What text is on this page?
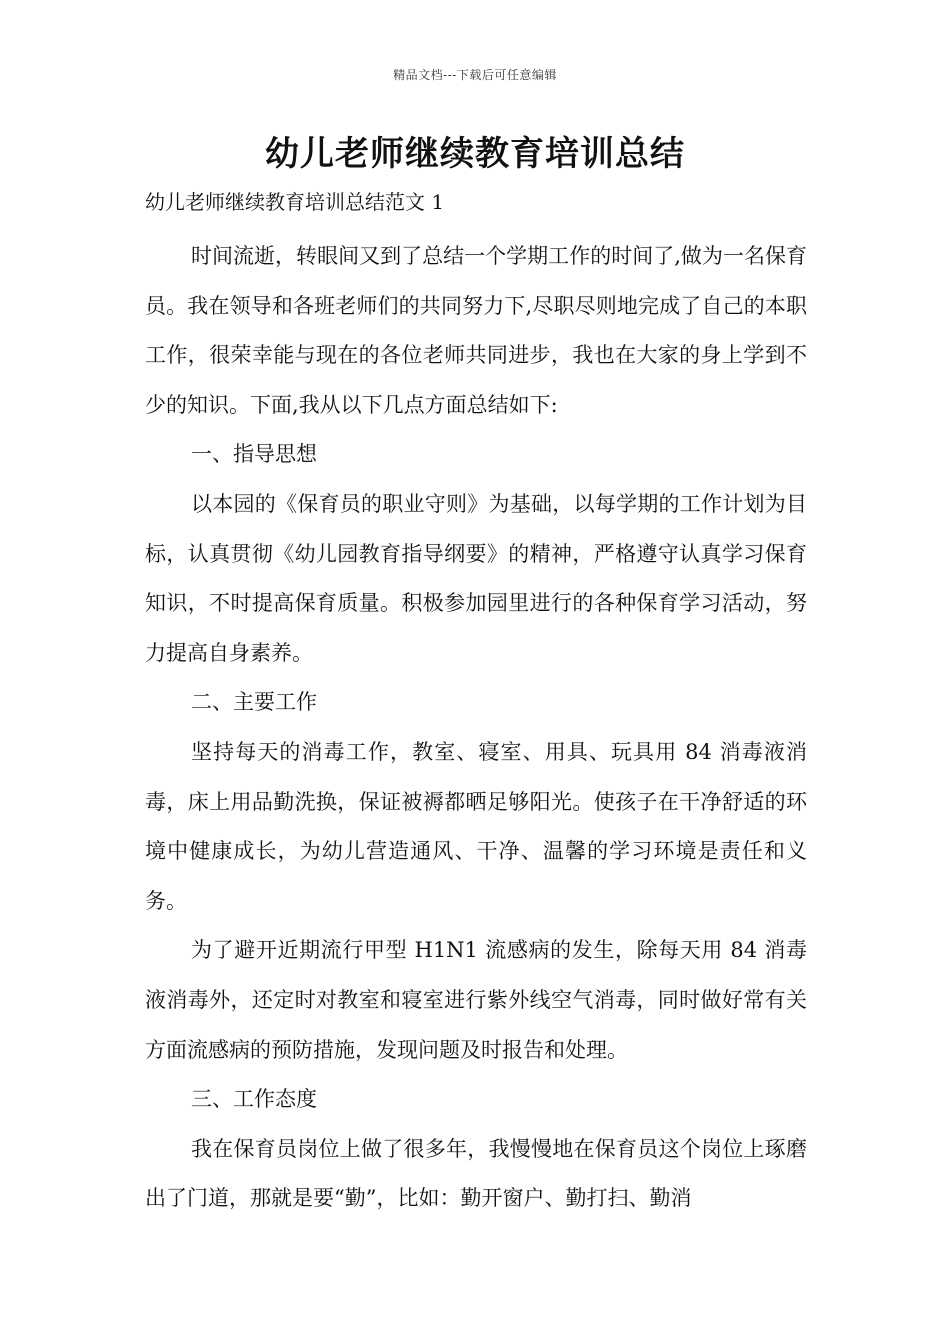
精品文档---下载后可任意编辑
幼儿老师继续教育培训总结
幼儿老师继续教育培训总结范文 1

时间流逝，转眼间又到了总结一个学期工作的时间了,做为一名保育员。我在领导和各班老师们的共同努力下,尽职尽则地完成了自己的本职工作，很荣幸能与现在的各位老师共同进步，我也在大家的身上学到不少的知识。下面,我从以下几点方面总结如下:

一、指导思想

以本园的《保育员的职业守则》为基础，以每学期的工作计划为目标，认真贯彻《幼儿园教育指导纲要》的精神，严格遵守认真学习保育知识，不时提高保育质量。积极参加园里进行的各种保育学习活动，努力提高自身素养。

二、主要工作

坚持每天的消毒工作，教室、寝室、用具、玩具用 84 消毒液消毒，床上用品勤洗换，保证被褥都晒足够阳光。使孩子在干净舒适的环境中健康成长，为幼儿营造通风、干净、温馨的学习环境是责任和义务。

为了避开近期流行甲型 H1N1 流感病的发生，除每天用 84 消毒液消毒外，还定时对教室和寝室进行紫外线空气消毒，同时做好常有关方面流感病的预防措施，发现问题及时报告和处理。

三、工作态度

我在保育员岗位上做了很多年，我慢慢地在保育员这个岗位上琢磨出了门道，那就是要“勤”，比如：勤开窗户、勤打扫、勤消
